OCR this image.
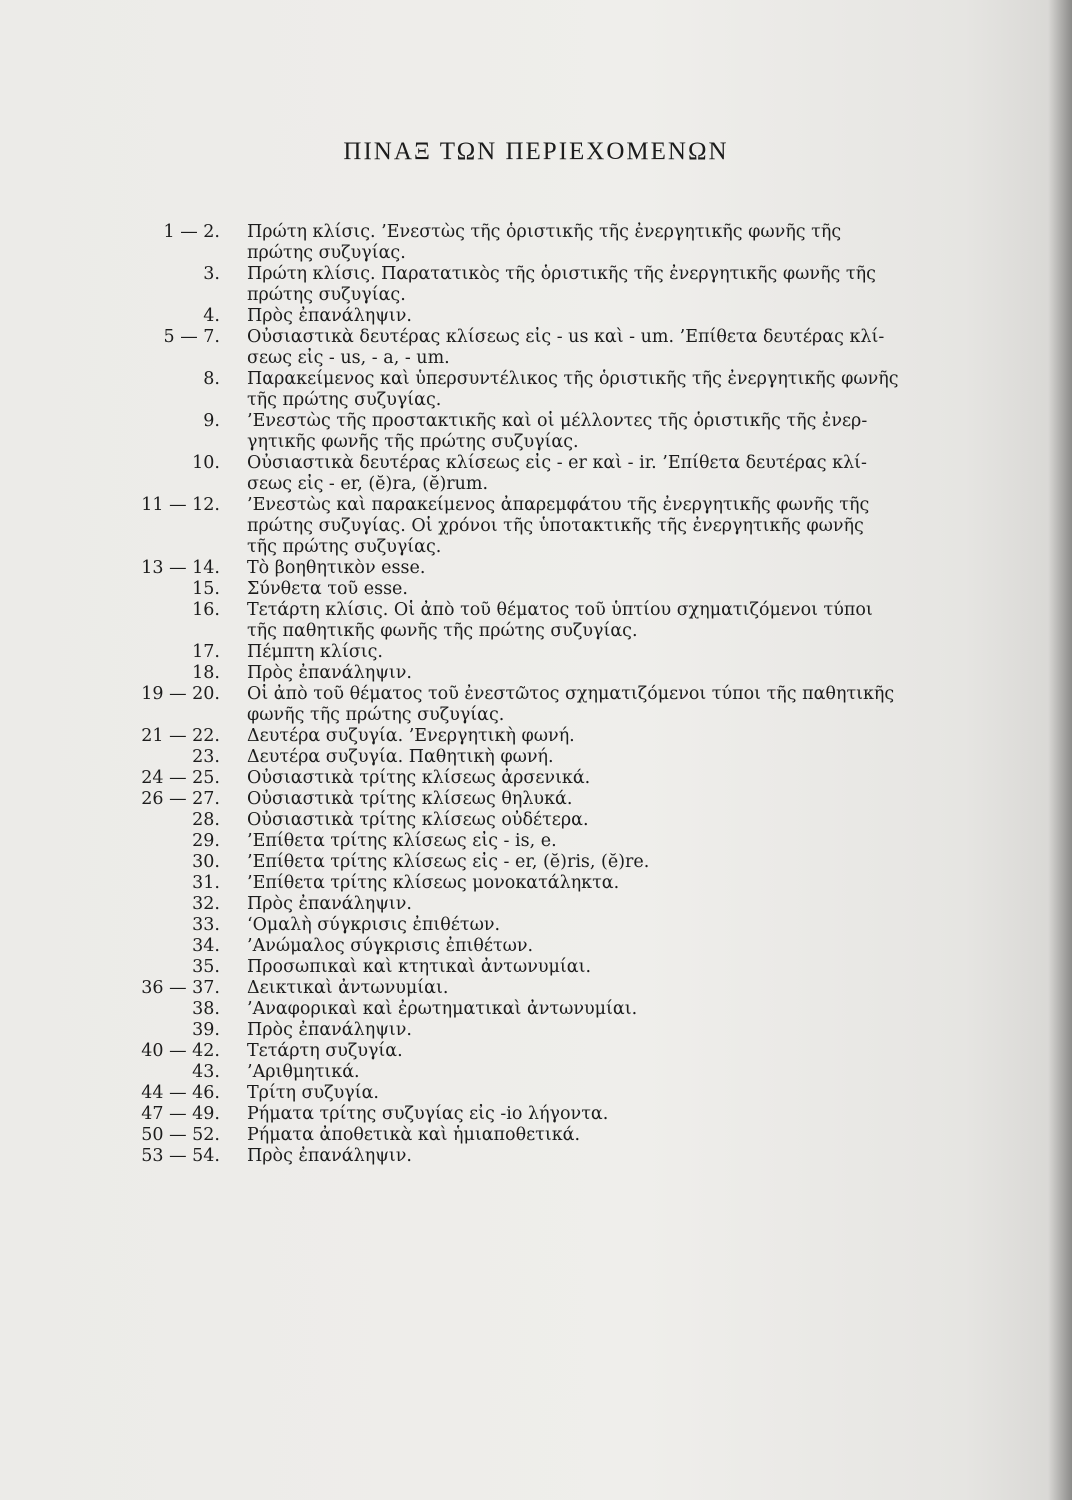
ΠΙΝΑΞ ΤΩΝ ΠΕΡΙΕΧΟΜΕΝΩΝ
1 — 2. Πρώτη κλίσις. ’Ενεστὼς τῆς ὁριστικῆς τῆς ἐνεργητικῆς φωνῆς τῆς
πρώτης συζυγίας.
3. Πρώτη κλίσις. Παρατατικὸς τῆς ὁριστικῆς τῆς ἐνεργητικῆς φωνῆς τῆς
πρώτης συζυγίας.
4. Πρὸς ἐπανάληψιν.
5 — 7. Οὐσιαστικὰ δευτέρας κλίσεως εἰς - us καὶ - um. ’Επίθετα δευτέρας κλί-
σεως εἰς - us, - a, - um.
8. Παρακείμενος καὶ ὑπερσυντέλικος τῆς ὁριστικῆς τῆς ἐνεργητικῆς φωνῆς
τῆς πρώτης συζυγίας.
9. ’Ενεστὼς τῆς προστακτικῆς καὶ οἱ μέλλοντες τῆς ὁριστικῆς τῆς ἐνερ-
γητικῆς φωνῆς τῆς πρώτης συζυγίας.
10. Οὐσιαστικὰ δευτέρας κλίσεως εἰς - er καὶ - ir. ’Επίθετα δευτέρας κλί-
σεως εἰς - er, (ĕ)ra, (ĕ)rum.
11 — 12. ’Ενεστὼς καὶ παρακείμενος ἀπαρεμφάτου τῆς ἐνεργητικῆς φωνῆς τῆς
πρώτης συζυγίας. Οἱ χρόνοι τῆς ὑποτακτικῆς τῆς ἐνεργητικῆς φωνῆς
τῆς πρώτης συζυγίας.
13 — 14. Τὸ βοηθητικὸν esse.
15. Σύνθετα τοῦ esse.
16. Τετάρτη κλίσις. Οἱ ἀπὸ τοῦ θέματος τοῦ ὑπτίου σχηματιζόμενοι τύποι
τῆς παθητικῆς φωνῆς τῆς πρώτης συζυγίας.
17. Πέμπτη κλίσις.
18. Πρὸς ἐπανάληψιν.
19 — 20. Οἱ ἀπὸ τοῦ θέματος τοῦ ἐνεστῶτος σχηματιζόμενοι τύποι τῆς παθητικῆς
φωνῆς τῆς πρώτης συζυγίας.
21 — 22. Δευτέρα συζυγία. ’Ενεργητικὴ φωνή.
23. Δευτέρα συζυγία. Παθητικὴ φωνή.
24 — 25. Οὐσιαστικὰ τρίτης κλίσεως ἀρσενικά.
26 — 27. Οὐσιαστικὰ τρίτης κλίσεως θηλυκά.
28. Οὐσιαστικὰ τρίτης κλίσεως οὐδέτερα.
29. ’Επίθετα τρίτης κλίσεως εἰς - is, e.
30. ’Επίθετα τρίτης κλίσεως εἰς - er, (ĕ)ris, (ĕ)re.
31. ’Επίθετα τρίτης κλίσεως μονοκατάληκτα.
32. Πρὸς ἐπανάληψιν.
33. ‘Ομαλὴ σύγκρισις ἐπιθέτων.
34. ’Ανώμαλος σύγκρισις ἐπιθέτων.
35. Προσωπικαὶ καὶ κτητικαὶ ἀντωνυμίαι.
36 — 37. Δεικτικαὶ ἀντωνυμίαι.
38. ’Αναφορικαὶ καὶ ἐρωτηματικαὶ ἀντωνυμίαι.
39. Πρὸς ἐπανάληψιν.
40 — 42. Τετάρτη συζυγία.
43. ’Αριθμητικά.
44 — 46. Τρίτη συζυγία.
47 — 49. Ρήματα τρίτης συζυγίας εἰς -io λήγοντα.
50 — 52. Ρήματα ἀποθετικὰ καὶ ἡμιαποθετικά.
53 — 54. Πρὸς ἐπανάληψιν.
